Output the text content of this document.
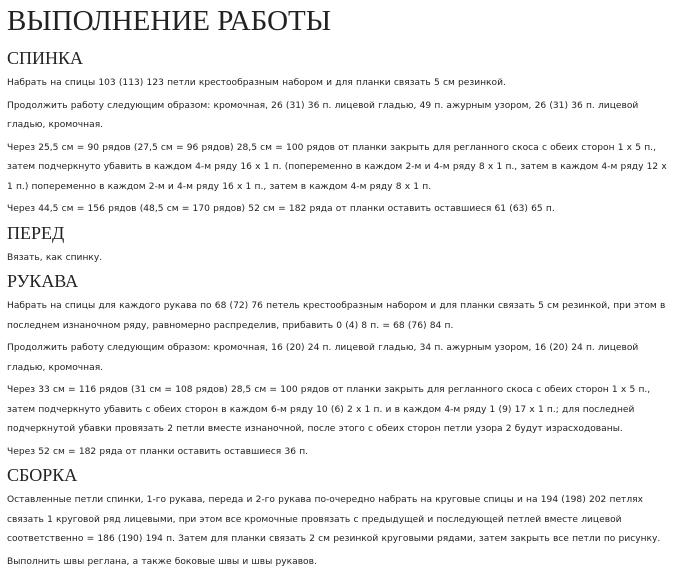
ВЫПОЛНЕНИЕ РАБОТЫ
СПИНКА

Набрать на спицы 103 (113) 123 петли крестообразным набором и для планки связать 5 см резинкой.

Продолжить работу следующим образом: кромочная, 26 (31) 36 п. лицевой гладью, 49 п. ажурным узором, 26 (31) 36 п. лицевой гладью, кромочная.

Через 25,5 см = 90 рядов (27,5 см = 96 рядов) 28,5 см = 100 рядов от планки закрыть для регланного скоса с обеих сторон 1 х 5 п., затем подчеркнуто убавить в каждом 4-м ряду 16 х 1 п. (попеременно в каждом 2-м и 4-м ряду 8 х 1 п., затем в каждом 4-м ряду 12 х 1 п.) попеременно в каждом 2-м и 4-м ряду 16 х 1 п., затем в каждом 4-м ряду 8 х 1 п.

Через 44,5 см = 156 рядов (48,5 см = 170 рядов) 52 см = 182 ряда от планки оставить оставшиеся 61 (63) 65 п.

ПЕРЕД

Вязать, как спинку.

РУКАВА

Набрать на спицы для каждого рукава по 68 (72) 76 петель крестообразным набором и для планки связать 5 см резинкой, при этом в последнем изнаночном ряду, равномерно распределив, прибавить 0 (4) 8 п. = 68 (76) 84 п.

Продолжить работу следующим образом: кромочная, 16 (20) 24 п. лицевой гладью, 34 п. ажурным узором, 16 (20) 24 п. лицевой гладью, кромочная.

Через 33 см = 116 рядов (31 см = 108 рядов) 28,5 см = 100 рядов от планки закрыть для регланного скоса с обеих сторон 1 х 5 п., затем подчеркнуто убавить с обеих сторон в каждом 6-м ряду 10 (6) 2 х 1 п. и в каждом 4-м ряду 1 (9) 17 х 1 п.; для последней подчеркнутой убавки провязать 2 петли вместе изнаночной, после этого с обеих сторон петли узора 2 будут израсходованы.

Через 52 см = 182 ряда от планки оставить оставшиеся 36 п.

СБОРКА

Оставленные петли спинки, 1-го рукава, переда и 2-го рукава по-очередно набрать на круговые спицы и на 194 (198) 202 петлях связать 1 круговой ряд лицевыми, при этом все кромочные провязать с предыдущей и последующей петлей вместе лицевой соответственно = 186 (190) 194 п. Затем для планки связать 2 см резинкой круговыми рядами, затем закрыть все петли по рисунку.

Выполнить швы реглана, а также боковые швы и швы рукавов.
